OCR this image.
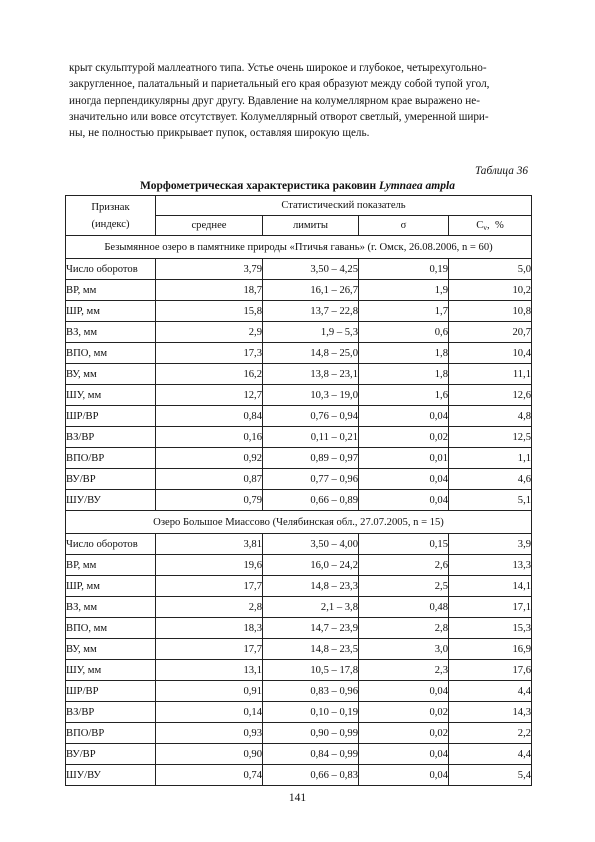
крыт скульптурой маллеатного типа. Устье очень широкое и глубокое, четырехугольно-

закругленное, палатальный и париетальный его края образуют между собой тупой угол,

иногда перпендикулярны друг другу. Вдавление на колумеллярном крае выражено не-

значительно или вовсе отсутствует. Колумеллярный отворот светлый, умеренной шири-

ны, не полностью прикрывает пупок, оставляя широкую щель.

Таблица 36
Морфометрическая характеристика раковин Lymnaea ampla
Признак
(индекс)	Статистический показатель			
	среднее	лимиты	σ	$C_v$,  %
Безымянное озеро в памятнике природы «Птичья гавань» (г. Омск, 26.08.2006, n = 60)				
Число оборотов	3,79	3,50 – 4,25	0,19	5,0
ВР, мм	18,7	16,1 – 26,7	1,9	10,2
ШР, мм	15,8	13,7 – 22,8	1,7	10,8
ВЗ, мм	2,9	1,9 – 5,3	0,6	20,7
ВПО, мм	17,3	14,8 – 25,0	1,8	10,4
ВУ, мм	16,2	13,8 – 23,1	1,8	11,1
ШУ, мм	12,7	10,3 – 19,0	1,6	12,6
ШР/ВР	0,84	0,76 – 0,94	0,04	4,8
ВЗ/ВР	0,16	0,11 – 0,21	0,02	12,5
ВПО/ВР	0,92	0,89 – 0,97	0,01	1,1
ВУ/ВР	0,87	0,77 – 0,96	0,04	4,6
ШУ/ВУ	0,79	0,66 – 0,89	0,04	5,1
Озеро Большое Миассово (Челябинская обл., 27.07.2005, n = 15)				
Число оборотов	3,81	3,50 – 4,00	0,15	3,9
ВР, мм	19,6	16,0 – 24,2	2,6	13,3
ШР, мм	17,7	14,8 – 23,3	2,5	14,1
ВЗ, мм	2,8	2,1 – 3,8	0,48	17,1
ВПО, мм	18,3	14,7 – 23,9	2,8	15,3
ВУ, мм	17,7	14,8 – 23,5	3,0	16,9
ШУ, мм	13,1	10,5 – 17,8	2,3	17,6
ШР/ВР	0,91	0,83 – 0,96	0,04	4,4
ВЗ/ВР	0,14	0,10 – 0,19	0,02	14,3
ВПО/ВР	0,93	0,90 – 0,99	0,02	2,2
ВУ/ВР	0,90	0,84 – 0,99	0,04	4,4
ШУ/ВУ	0,74	0,66 – 0,83	0,04	5,4
141
